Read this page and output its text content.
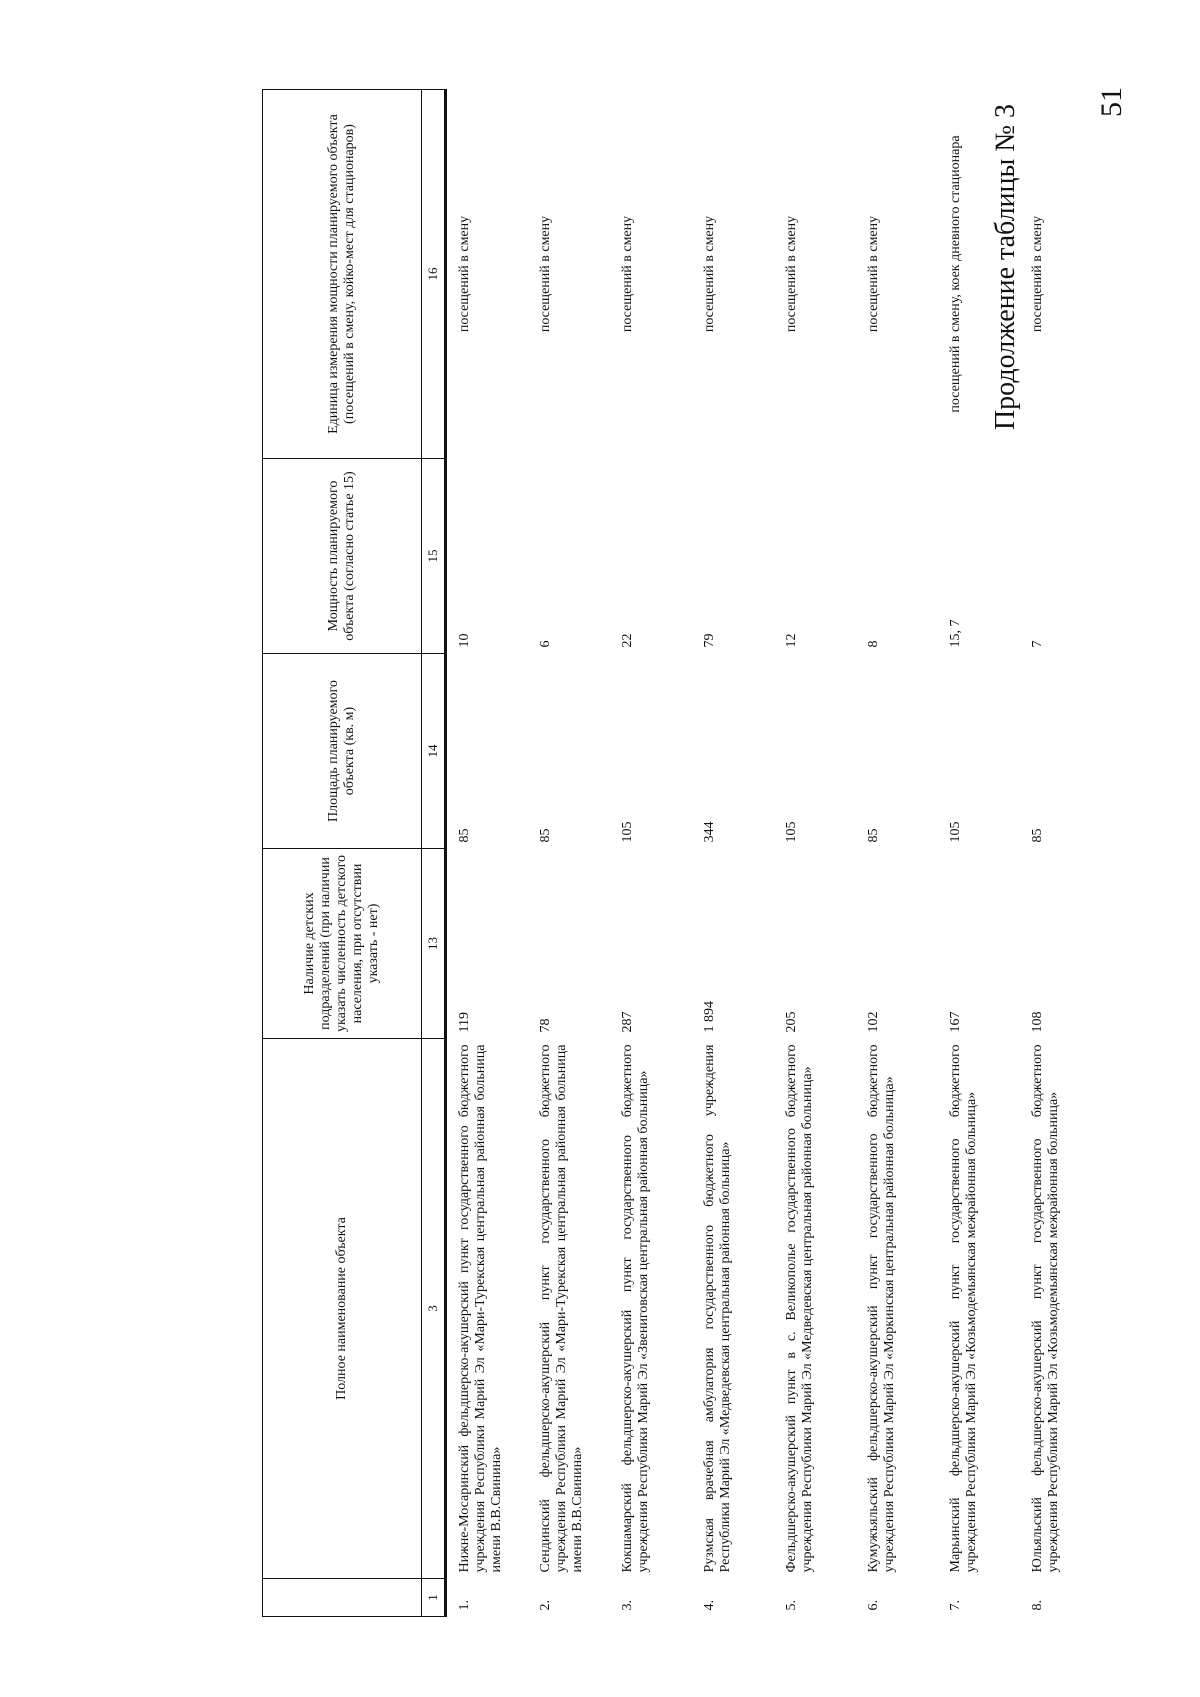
51
Продолжение таблицы № 3
	Полное наименование объекта	Наличие детских подразделений (при наличии указать численность детского населения, при отсутствии указать - нет)	Площадь планируемого объекта (кв. м)	Мощность планируемого объекта (согласно статье 15)	Единица измерения мощности планируемого объекта (посещений в смену, койко-мест для стационаров)
1	3	13	14	15	16
1.	Нижне-Мосаринский фельдшерско-акушерский пункт государственного бюджетного учреждения Республики Марий Эл «Мари-Турекская центральная районная больница имени В.В.Свинина»	119	85	10	посещений в смену
2.	Сендинский фельдшерско-акушерский пункт государственного бюджетного учреждения Республики Марий Эл «Мари-Турекская центральная районная больница имени В.В.Свинина»	78	85	6	посещений в смену
3.	Кокшамарский фельдшерско-акушерский пункт государственного бюджетного учреждения Республики Марий Эл «Звениговская центральная районная больница»	287	105	22	посещений в смену
4.	Рузмская врачебная амбулатория государственного бюджетного учреждения Республики Марий Эл «Медведевская центральная районная больница»	1 894	344	79	посещений в смену
5.	Фельдшерско-акушерский пункт в с. Великополье государственного бюджетного учреждения Республики Марий Эл «Медведевская центральная районная больница»	205	105	12	посещений в смену
6.	Кумужъяльский фельдшерско-акушерский пункт государственного бюджетного учреждения Республики Марий Эл «Моркинская центральная районная больница»	102	85	8	посещений в смену
7.	Марьинский фельдшерско-акушерский пункт государственного бюджетного учреждения Республики Марий Эл «Козьмодемьянская межрайонная больница»	167	105	15, 7	посещений в смену, коек дневного стационара
8.	Юльяльский фельдшерско-акушерский пункт государственного бюджетного учреждения Республики Марий Эл «Козьмодемьянская межрайонная больница»	108	85	7	посещений в смену
